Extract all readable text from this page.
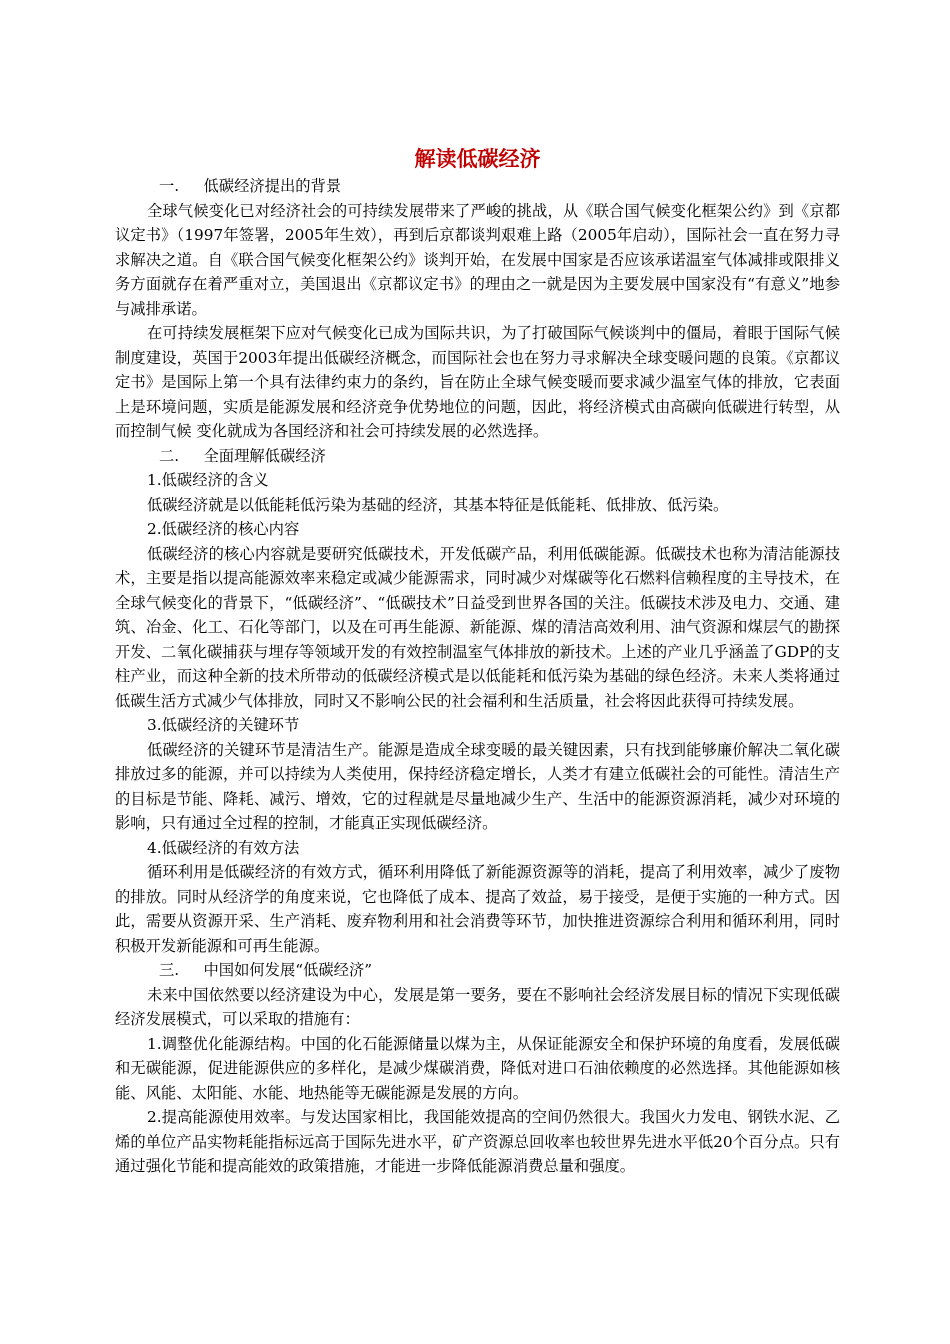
解读低碳经济

一.     低碳经济提出的背景

全球气候变化已对经济社会的可持续发展带来了严峻的挑战，从《联合国气候变化框架公约》到《京都议定书》（1997年签署，2005年生效），再到后京都谈判艰难上路（2005年启动），国际社会一直在努力寻求解决之道。自《联合国气候变化框架公约》谈判开始，在发展中国家是否应该承诺温室气体减排或限排义务方面就存在着严重对立，美国退出《京都议定书》的理由之一就是因为主要发展中国家没有“有意义”地参与减排承诺。

在可持续发展框架下应对气候变化已成为国际共识，为了打破国际气候谈判中的僵局，着眼于国际气候制度建设，英国于2003年提出低碳经济概念，而国际社会也在努力寻求解决全球变暖问题的良策。《京都议定书》是国际上第一个具有法律约束力的条约，旨在防止全球气候变暖而要求减少温室气体的排放，它表面上是环境问题，实质是能源发展和经济竞争优势地位的问题，因此，将经济模式由高碳向低碳进行转型，从而控制气候 变化就成为各国经济和社会可持续发展的必然选择。

二.     全面理解低碳经济

1.低碳经济的含义

低碳经济就是以低能耗低污染为基础的经济，其基本特征是低能耗、低排放、低污染。

2.低碳经济的核心内容

低碳经济的核心内容就是要研究低碳技术，开发低碳产品，利用低碳能源。低碳技术也称为清洁能源技术，主要是指以提高能源效率来稳定或减少能源需求，同时减少对煤碳等化石燃料信赖程度的主导技术，在全球气候变化的背景下，“低碳经济”、“低碳技术”日益受到世界各国的关注。低碳技术涉及电力、交通、建筑、冶金、化工、石化等部门，以及在可再生能源、新能源、煤的清洁高效利用、油气资源和煤层气的勘探开发、二氧化碳捕获与埋存等领域开发的有效控制温室气体排放的新技术。上述的产业几乎涵盖了GDP的支柱产业，而这种全新的技术所带动的低碳经济模式是以低能耗和低污染为基础的绿色经济。未来人类将通过低碳生活方式减少气体排放，同时又不影响公民的社会福利和生活质量，社会将因此获得可持续发展。

3.低碳经济的关键环节

低碳经济的关键环节是清洁生产。能源是造成全球变暖的最关键因素，只有找到能够廉价解决二氧化碳排放过多的能源，并可以持续为人类使用，保持经济稳定增长，人类才有建立低碳社会的可能性。清洁生产的目标是节能、降耗、减污、增效，它的过程就是尽量地减少生产、生活中的能源资源消耗，减少对环境的影响，只有通过全过程的控制，才能真正实现低碳经济。

4.低碳经济的有效方法

循环利用是低碳经济的有效方式，循环利用降低了新能源资源等的消耗，提高了利用效率，减少了废物的排放。同时从经济学的角度来说，它也降低了成本、提高了效益，易于接受，是便于实施的一种方式。因此，需要从资源开采、生产消耗、废弃物利用和社会消费等环节，加快推进资源综合利用和循环利用，同时积极开发新能源和可再生能源。

三.     中国如何发展“低碳经济”

未来中国依然要以经济建设为中心，发展是第一要务，要在不影响社会经济发展目标的情况下实现低碳经济发展模式，可以采取的措施有：

1.调整优化能源结构。中国的化石能源储量以煤为主，从保证能源安全和保护环境的角度看，发展低碳和无碳能源，促进能源供应的多样化，是减少煤碳消费，降低对进口石油依赖度的必然选择。其他能源如核能、风能、太阳能、水能、地热能等无碳能源是发展的方向。

2.提高能源使用效率。与发达国家相比，我国能效提高的空间仍然很大。我国火力发电、钢铁水泥、乙烯的单位产品实物耗能指标远高于国际先进水平，矿产资源总回收率也较世界先进水平低20个百分点。只有通过强化节能和提高能效的政策措施，才能进一步降低能源消费总量和强度。
